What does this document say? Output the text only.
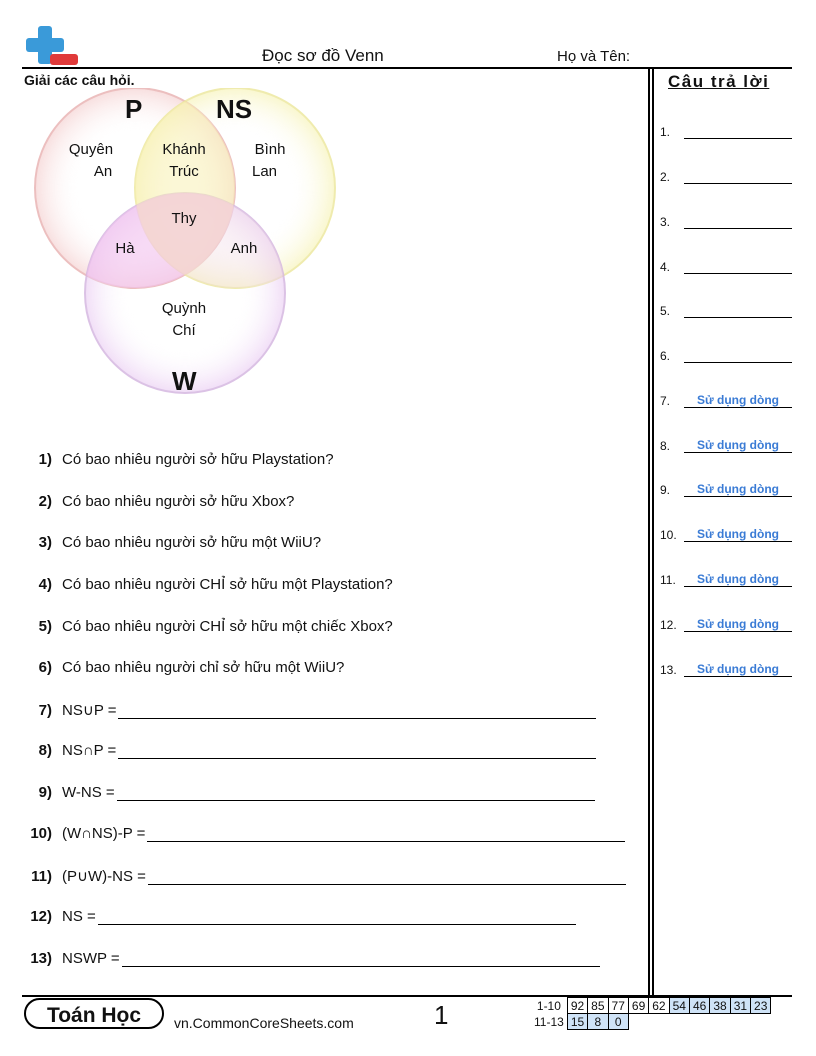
Đọc sơ đồ Venn	Họ và Tên:
Giải các câu hỏi.	Câu trả lời
P	NS
W
Quyên
An
Khánh
Trúc
Bình
Lan
Thy
Hà	Anh
Quỳnh
Chí
1) Có bao nhiêu người sở hữu Playstation?
2) Có bao nhiêu người sở hữu Xbox?
3) Có bao nhiêu người sở hữu một WiiU?
4) Có bao nhiêu người CHỈ sở hữu một Playstation?
5) Có bao nhiêu người CHỈ sở hữu một chiếc Xbox?
6) Có bao nhiêu người chỉ sở hữu một WiiU?
7) NS∪P =
8) NS∩P =
9) W-NS =
10) (W∩NS)-P =
11) (P∪W)-NS =
12) NS =
13) NSWP =
1.
2.
3.
4.
5.
6.
7.	Sử dụng dòng
8.	Sử dụng dòng
9.	Sử dụng dòng
10.	Sử dụng dòng
11.	Sử dụng dòng
12.	Sử dụng dòng
13.	Sử dụng dòng
Toán Học	vn.CommonCoreSheets.com	1	1-10	92	85	77	69	62	54	46	38	31	23
11-13	15	8	0							
